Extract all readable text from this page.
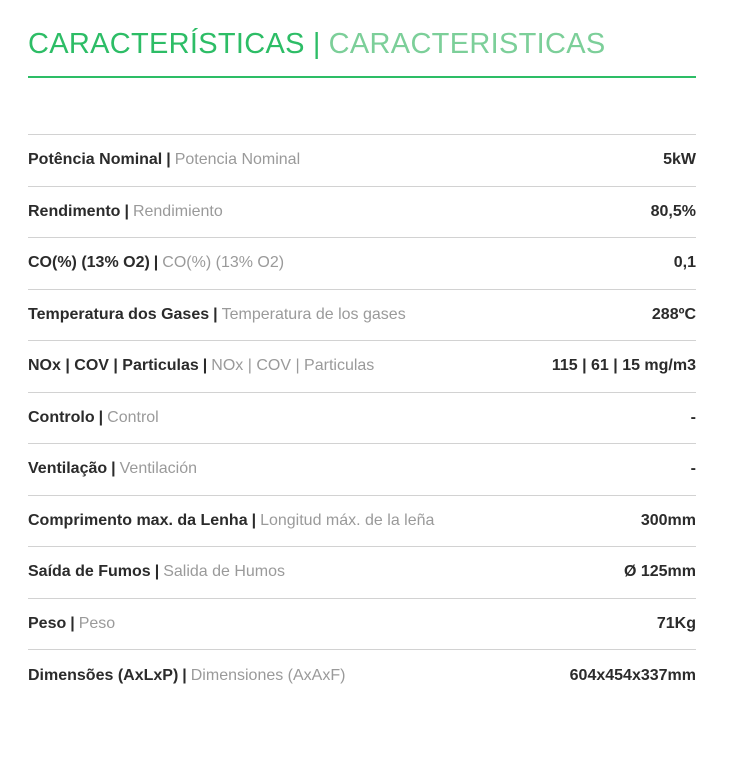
CARACTERÍSTICAS | CARACTERISTICAS
Potência Nominal | Potencia Nominal	5kW
Rendimento | Rendimiento	80,5%
CO(%) (13% O2) | CO(%) (13% O2)	0,1
Temperatura dos Gases | Temperatura de los gases	288ºC
NOx | COV | Particulas | NOx | COV | Particulas	115 | 61 | 15 mg/m3
Controlo | Control	-
Ventilação | Ventilación	-
Comprimento max. da Lenha | Longitud máx. de la leña	300mm
Saída de Fumos | Salida de Humos	Ø 125mm
Peso | Peso	71Kg
Dimensões (AxLxP) | Dimensiones (AxAxF)	604x454x337mm
